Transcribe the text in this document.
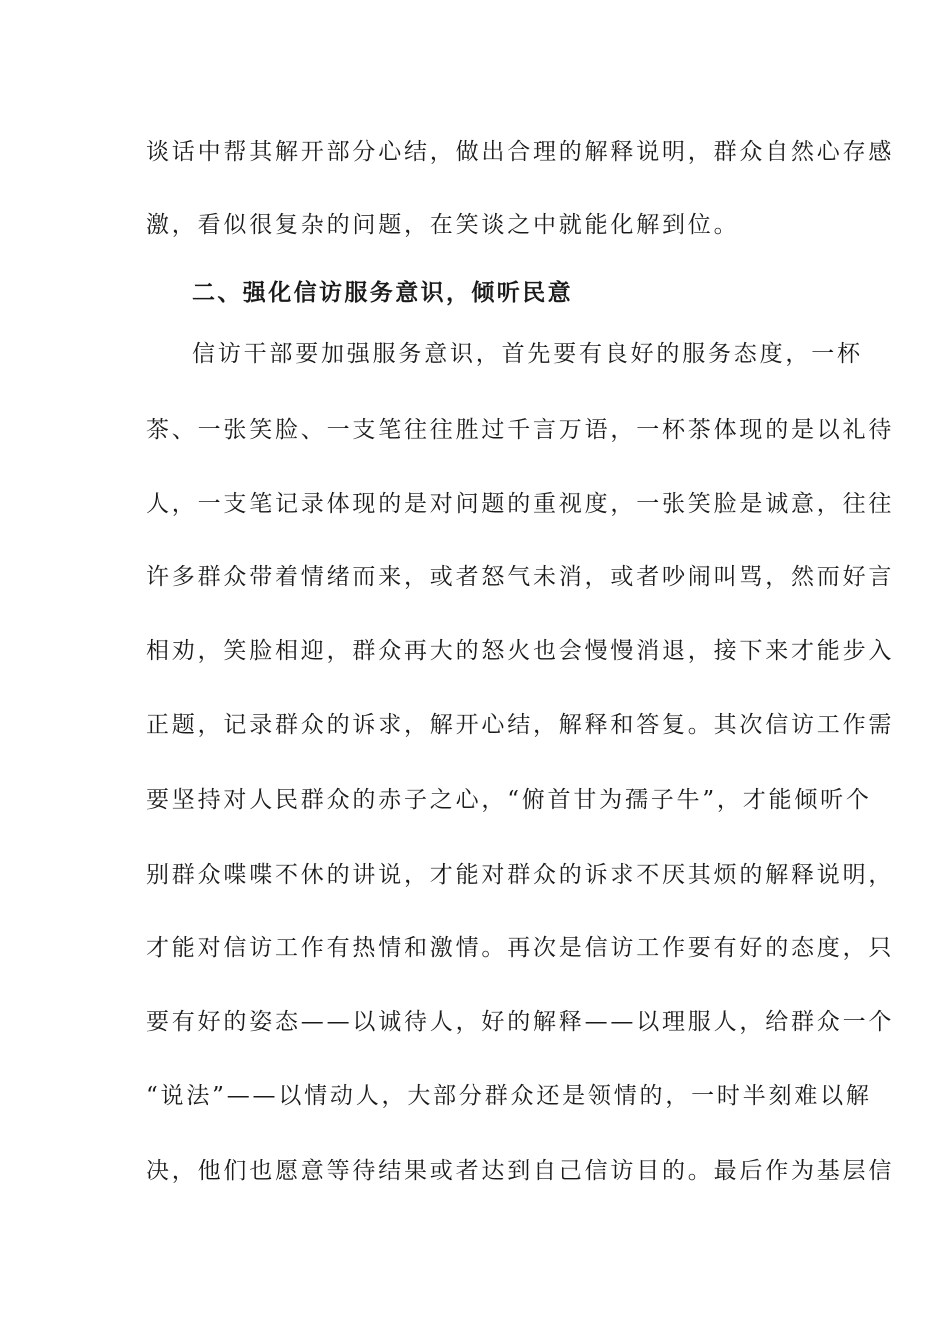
谈话中帮其解开部分心结，做出合理的解释说明，群众自然心存感
激，看似很复杂的问题，在笑谈之中就能化解到位。
二、强化信访服务意识，倾听民意
信访干部要加强服务意识，首先要有良好的服务态度，一杯
茶、一张笑脸、一支笔往往胜过千言万语，一杯茶体现的是以礼待
人，一支笔记录体现的是对问题的重视度，一张笑脸是诚意，往往
许多群众带着情绪而来，或者怒气未消，或者吵闹叫骂，然而好言
相劝，笑脸相迎，群众再大的怒火也会慢慢消退，接下来才能步入
正题，记录群众的诉求，解开心结，解释和答复。其次信访工作需
要坚持对人民群众的赤子之心，“俯首甘为孺子牛”，才能倾听个
别群众喋喋不休的讲说，才能对群众的诉求不厌其烦的解释说明，
才能对信访工作有热情和激情。再次是信访工作要有好的态度，只
要有好的姿态——以诚待人，好的解释——以理服人，给群众一个
“说法”——以情动人，大部分群众还是领情的，一时半刻难以解
决，他们也愿意等待结果或者达到自己信访目的。最后作为基层信
